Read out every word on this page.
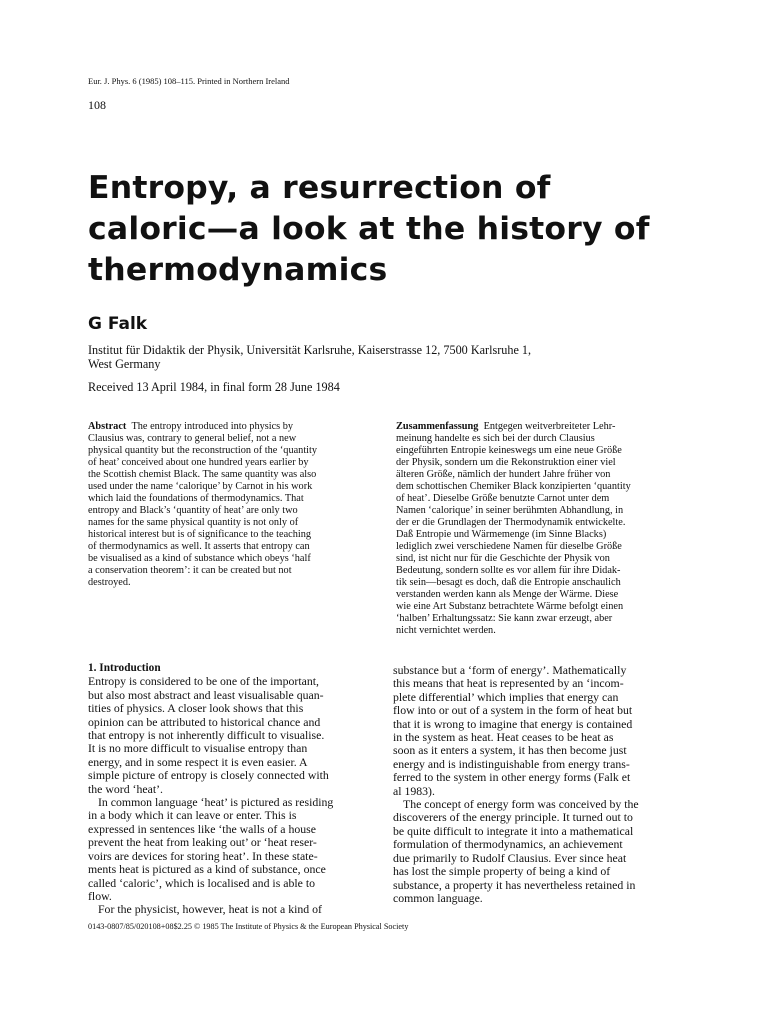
Eur. J. Phys. 6 (1985) 108–115. Printed in Northern Ireland
108
Entropy, a resurrection of
caloric—a look at the history of
thermodynamics
G Falk
Institut für Didaktik der Physik, Universität Karlsruhe, Kaiserstrasse 12, 7500 Karlsruhe 1,
West Germany
Received 13 April 1984, in final form 28 June 1984
Abstract The entropy introduced into physics by
Clausius was, contrary to general belief, not a new
physical quantity but the reconstruction of the ‘quantity
of heat’ conceived about one hundred years earlier by
the Scottish chemist Black. The same quantity was also
used under the name ‘calorique’ by Carnot in his work
which laid the foundations of thermodynamics. That
entropy and Black’s ‘quantity of heat’ are only two
names for the same physical quantity is not only of
historical interest but is of significance to the teaching
of thermodynamics as well. It asserts that entropy can
be visualised as a kind of substance which obeys ‘half
a conservation theorem’: it can be created but not
destroyed.
Zusammenfassung Entgegen weitverbreiteter Lehr-
meinung handelte es sich bei der durch Clausius
eingeführten Entropie keineswegs um eine neue Größe
der Physik, sondern um die Rekonstruktion einer viel
älteren Größe, nämlich der hundert Jahre früher von
dem schottischen Chemiker Black konzipierten ‘quantity
of heat’. Dieselbe Größe benutzte Carnot unter dem
Namen ‘calorique’ in seiner berühmten Abhandlung, in
der er die Grundlagen der Thermodynamik entwickelte.
Daß Entropie und Wärmemenge (im Sinne Blacks)
lediglich zwei verschiedene Namen für dieselbe Größe
sind, ist nicht nur für die Geschichte der Physik von
Bedeutung, sondern sollte es vor allem für ihre Didak-
tik sein—besagt es doch, daß die Entropie anschaulich
verstanden werden kann als Menge der Wärme. Diese
wie eine Art Substanz betrachtete Wärme befolgt einen
‘halben’ Erhaltungssatz: Sie kann zwar erzeugt, aber
nicht vernichtet werden.
1. Introduction
Entropy is considered to be one of the important,
but also most abstract and least visualisable quan-
tities of physics. A closer look shows that this
opinion can be attributed to historical chance and
that entropy is not inherently difficult to visualise.
It is no more difficult to visualise entropy than
energy, and in some respect it is even easier. A
simple picture of entropy is closely connected with
the word ‘heat’.
In common language ‘heat’ is pictured as residing
in a body which it can leave or enter. This is
expressed in sentences like ‘the walls of a house
prevent the heat from leaking out’ or ‘heat reser-
voirs are devices for storing heat’. In these state-
ments heat is pictured as a kind of substance, once
called ‘caloric’, which is localised and is able to
flow.
For the physicist, however, heat is not a kind of
substance but a ‘form of energy’. Mathematically
this means that heat is represented by an ‘incom-
plete differential’ which implies that energy can
flow into or out of a system in the form of heat but
that it is wrong to imagine that energy is contained
in the system as heat. Heat ceases to be heat as
soon as it enters a system, it has then become just
energy and is indistinguishable from energy trans-
ferred to the system in other energy forms (Falk et
al 1983).
The concept of energy form was conceived by the
discoverers of the energy principle. It turned out to
be quite difficult to integrate it into a mathematical
formulation of thermodynamics, an achievement
due primarily to Rudolf Clausius. Ever since heat
has lost the simple property of being a kind of
substance, a property it has nevertheless retained in
common language.
0143-0807/85/020108+08$2.25 © 1985 The Institute of Physics & the European Physical Society
